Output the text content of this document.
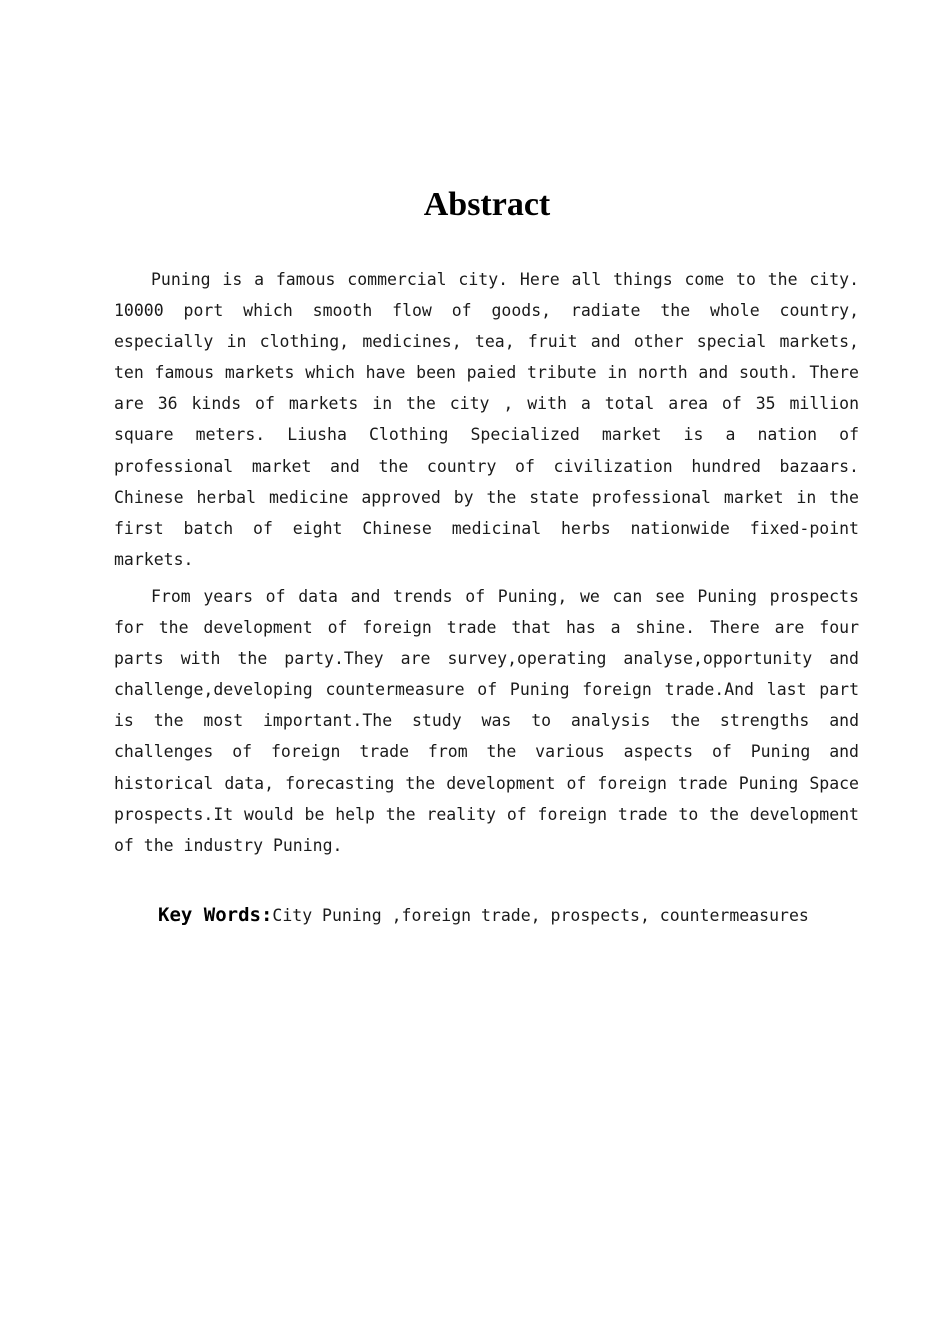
Abstract

Puning is a famous commercial city. Here all things come to the city. 10000 port which smooth flow of goods, radiate the whole country, especially in clothing, medicines, tea, fruit and other special markets, ten famous markets which have been paied tribute in north and south. There are 36 kinds of markets in the city , with a total area of 35 million square meters. Liusha Clothing Specialized market is a nation of professional market and the country of civilization hundred bazaars. Chinese herbal medicine approved by the state professional market in the first batch of eight Chinese medicinal herbs nationwide fixed-point markets.

From years of data and trends of Puning, we can see Puning prospects for the development of foreign trade that has a shine. There are four parts with the party.They are survey,operating analyse,opportunity and challenge,developing countermeasure of Puning foreign trade.And last part is the most important.The study was to analysis the strengths and challenges of foreign trade from the various aspects of Puning and historical data, forecasting the development of foreign trade Puning Space prospects.It would be help the reality of foreign trade to the development of the industry Puning.

Key Words:City Puning ,foreign trade, prospects, countermeasures
